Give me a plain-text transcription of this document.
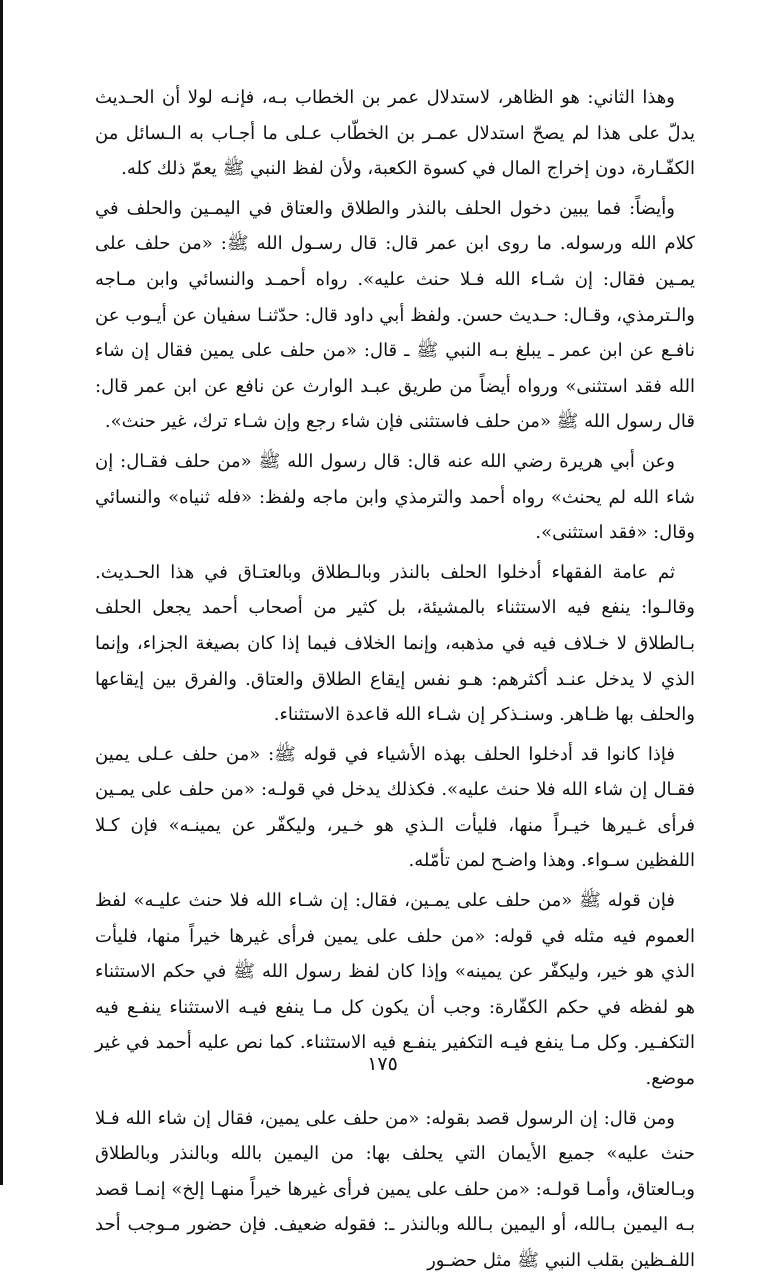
وهذا الثاني: هو الظاهر، لاستدلال عمر بن الخطاب بـه، فإنـه لولا أن الحـديث يدلّ على هذا لم يصحّ استدلال عمـر بن الخطّاب عـلى ما أجـاب به الـسائل من الكفّـارة، دون إخراج المال في كسوة الكعبة، ولأن لفظ النبي ﷺ يعمّ ذلك كله.

وأيضاً: فما يبين دخول الحلف بالنذر والطلاق والعتاق في اليمـين والحلف في كلام الله ورسوله. ما روى ابن عمر قال: قال رسـول الله ﷺ: «من حلف على يمـين فقال: إن شـاء الله فـلا حنث عليه». رواه أحمـد والنسائي وابن مـاجه والـترمذي، وقـال: حـديث حسن. ولفظ أبي داود قال: حدّثنـا سفيان عن أيـوب عن نافـع عن ابن عمر ـ يبلغ بـه النبي ﷺ ـ قال: «من حلف على يمين فقال إن شاء الله فقد استثنى» ورواه أيضاً من طريق عبـد الوارث عن نافع عن ابن عمر قال: قال رسول الله ﷺ «من حلف فاستثنى فإن شاء رجع وإن شـاء ترك، غير حنث».

وعن أبي هريرة رضي الله عنه قال: قال رسول الله ﷺ «من حلف فقـال: إن شاء الله لم يحنث» رواه أحمد والترمذي وابن ماجه ولفظ: «فله ثنياه» والنسائي وقال: «فقد استثنى».

ثم عامة الفقهاء أدخلوا الحلف بالنذر وبالـطلاق وبالعتـاق في هذا الحـديث. وقالـوا: ينفع فيه الاستثناء بالمشيئة، بل كثير من أصحاب أحمد يجعل الحلف بـالطلاق لا خـلاف فيه في مذهبه، وإنما الخلاف فيما إذا كان بصيغة الجزاء، وإنما الذي لا يدخل عنـد أكثرهم: هـو نفس إيقاع الطلاق والعتاق. والفرق بين إيقاعها والحلف بها ظـاهر. وسنـذكر إن شـاء الله قاعدة الاستثناء.

فإذا كانوا قد أدخلوا الحلف بهذه الأشياء في قوله ﷺ: «من حلف عـلى يمين فقـال إن شاء الله فلا حنث عليه». فكذلك يدخل في قولـه: «من حلف على يمـين فرأى غـيرها خيـراً منها، فليأت الـذي هو خـير، وليكفّر عن يمينـه» فإن كـلا اللفظين سـواء. وهذا واضـح لمن تأمّله.

فإن قوله ﷺ «من حلف على يمـين، فقال: إن شـاء الله فلا حنث عليـه» لفظ العموم فيه مثله في قوله: «من حلف على يمين فرأى غيرها خيراً منها، فليأت الذي هو خير، وليكفّر عن يمينه» وإذا كان لفظ رسول الله ﷺ في حكم الاستثناء هو لفظه في حكم الكفّارة: وجب أن يكون كل مـا ينفع فيـه الاستثناء ينفـع فيه التكفـير. وكل مـا ينفع فيـه التكفير ينفـع فيه الاستثناء. كما نص عليه أحمد في غير موضع.

ومن قال: إن الرسول قصد بقوله: «من حلف على يمين، فقال إن شاء الله فـلا حنث عليه» جميع الأيمان التي يحلف بها: من اليمين بالله وبالنذر وبالطلاق وبـالعتاق، وأمـا قولـه: «من حلف على يمين فرأى غيرها خيراً منهـا إلخ» إنمـا قصد بـه اليمين بـالله، أو اليمين بـالله وبالنذر ـ: فقوله ضعيف. فإن حضور مـوجب أحد اللفـظين بقلب النبي ﷺ مثل حضـور

١٧٥
